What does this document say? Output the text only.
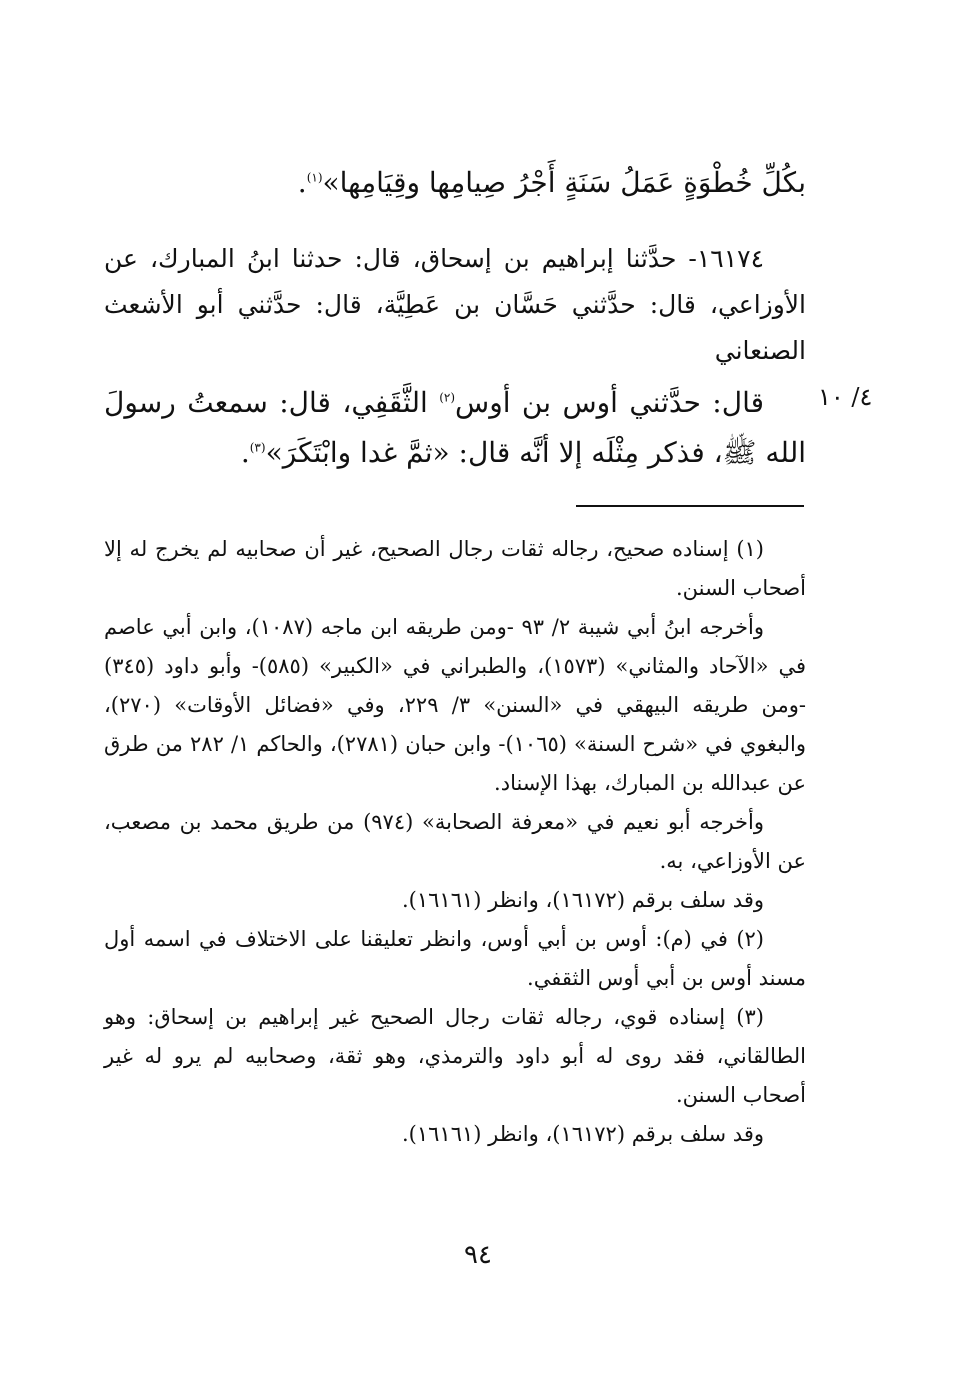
بكُلِّ خُطْوَةٍ عَمَلُ سَنَةٍ أَجْرُ صِيامِها وقِيَامِها»$^{(١)}$.
١٦١٧٤- حدَّثنا إبراهيم بن إسحاق، قال: حدثنا ابنُ المبارك، عن الأوزاعي، قال: حدَّثني حَسَّان بن عَطِيَّة، قال: حدَّثني أبو الأشعث الصنعاني
٤/ ١٠
قال: حدَّثني أوس بن أوس$^{(٢)}$ الثَّقَفِي، قال: سمعتُ رسولَ الله ﷺ، فذكر مِثْلَه إلا أنَّه قال: «ثمَّ غدا وابْتَكَرَ»$^{(٣)}$.

(١) إسناده صحيح، رجاله ثقات رجال الصحيح، غير أن صحابيه لم يخرج له إلا أصحاب السنن.

وأخرجه ابنُ أبي شيبة ٢/ ٩٣ -ومن طريقه ابن ماجه (١٠٨٧)، وابن أبي عاصم في «الآحاد والمثاني» (١٥٧٣)، والطبراني في «الكبير» (٥٨٥)- وأبو داود (٣٤٥) -ومن طريقه البيهقي في «السنن» ٣/ ٢٢٩، وفي «فضائل الأوقات» (٢٧٠)، والبغوي في «شرح السنة» (١٠٦٥)- وابن حبان (٢٧٨١)، والحاكم ١/ ٢٨٢ من طرق عن عبدالله بن المبارك، بهذا الإسناد.

وأخرجه أبو نعيم في «معرفة الصحابة» (٩٧٤) من طريق محمد بن مصعب، عن الأوزاعي، به.

وقد سلف برقم (١٦١٧٢)، وانظر (١٦١٦١).

(٢) في (م): أوس بن أبي أوس، وانظر تعليقنا على الاختلاف في اسمه أول مسند أوس بن أبي أوس الثقفي.

(٣) إسناده قوي، رجاله ثقات رجال الصحيح غير إبراهيم بن إسحاق: وهو الطالقاني، فقد روى له أبو داود والترمذي، وهو ثقة، وصحابيه لم يرو له غير أصحاب السنن.

وقد سلف برقم (١٦١٧٢)، وانظر (١٦١٦١).

٩٤
